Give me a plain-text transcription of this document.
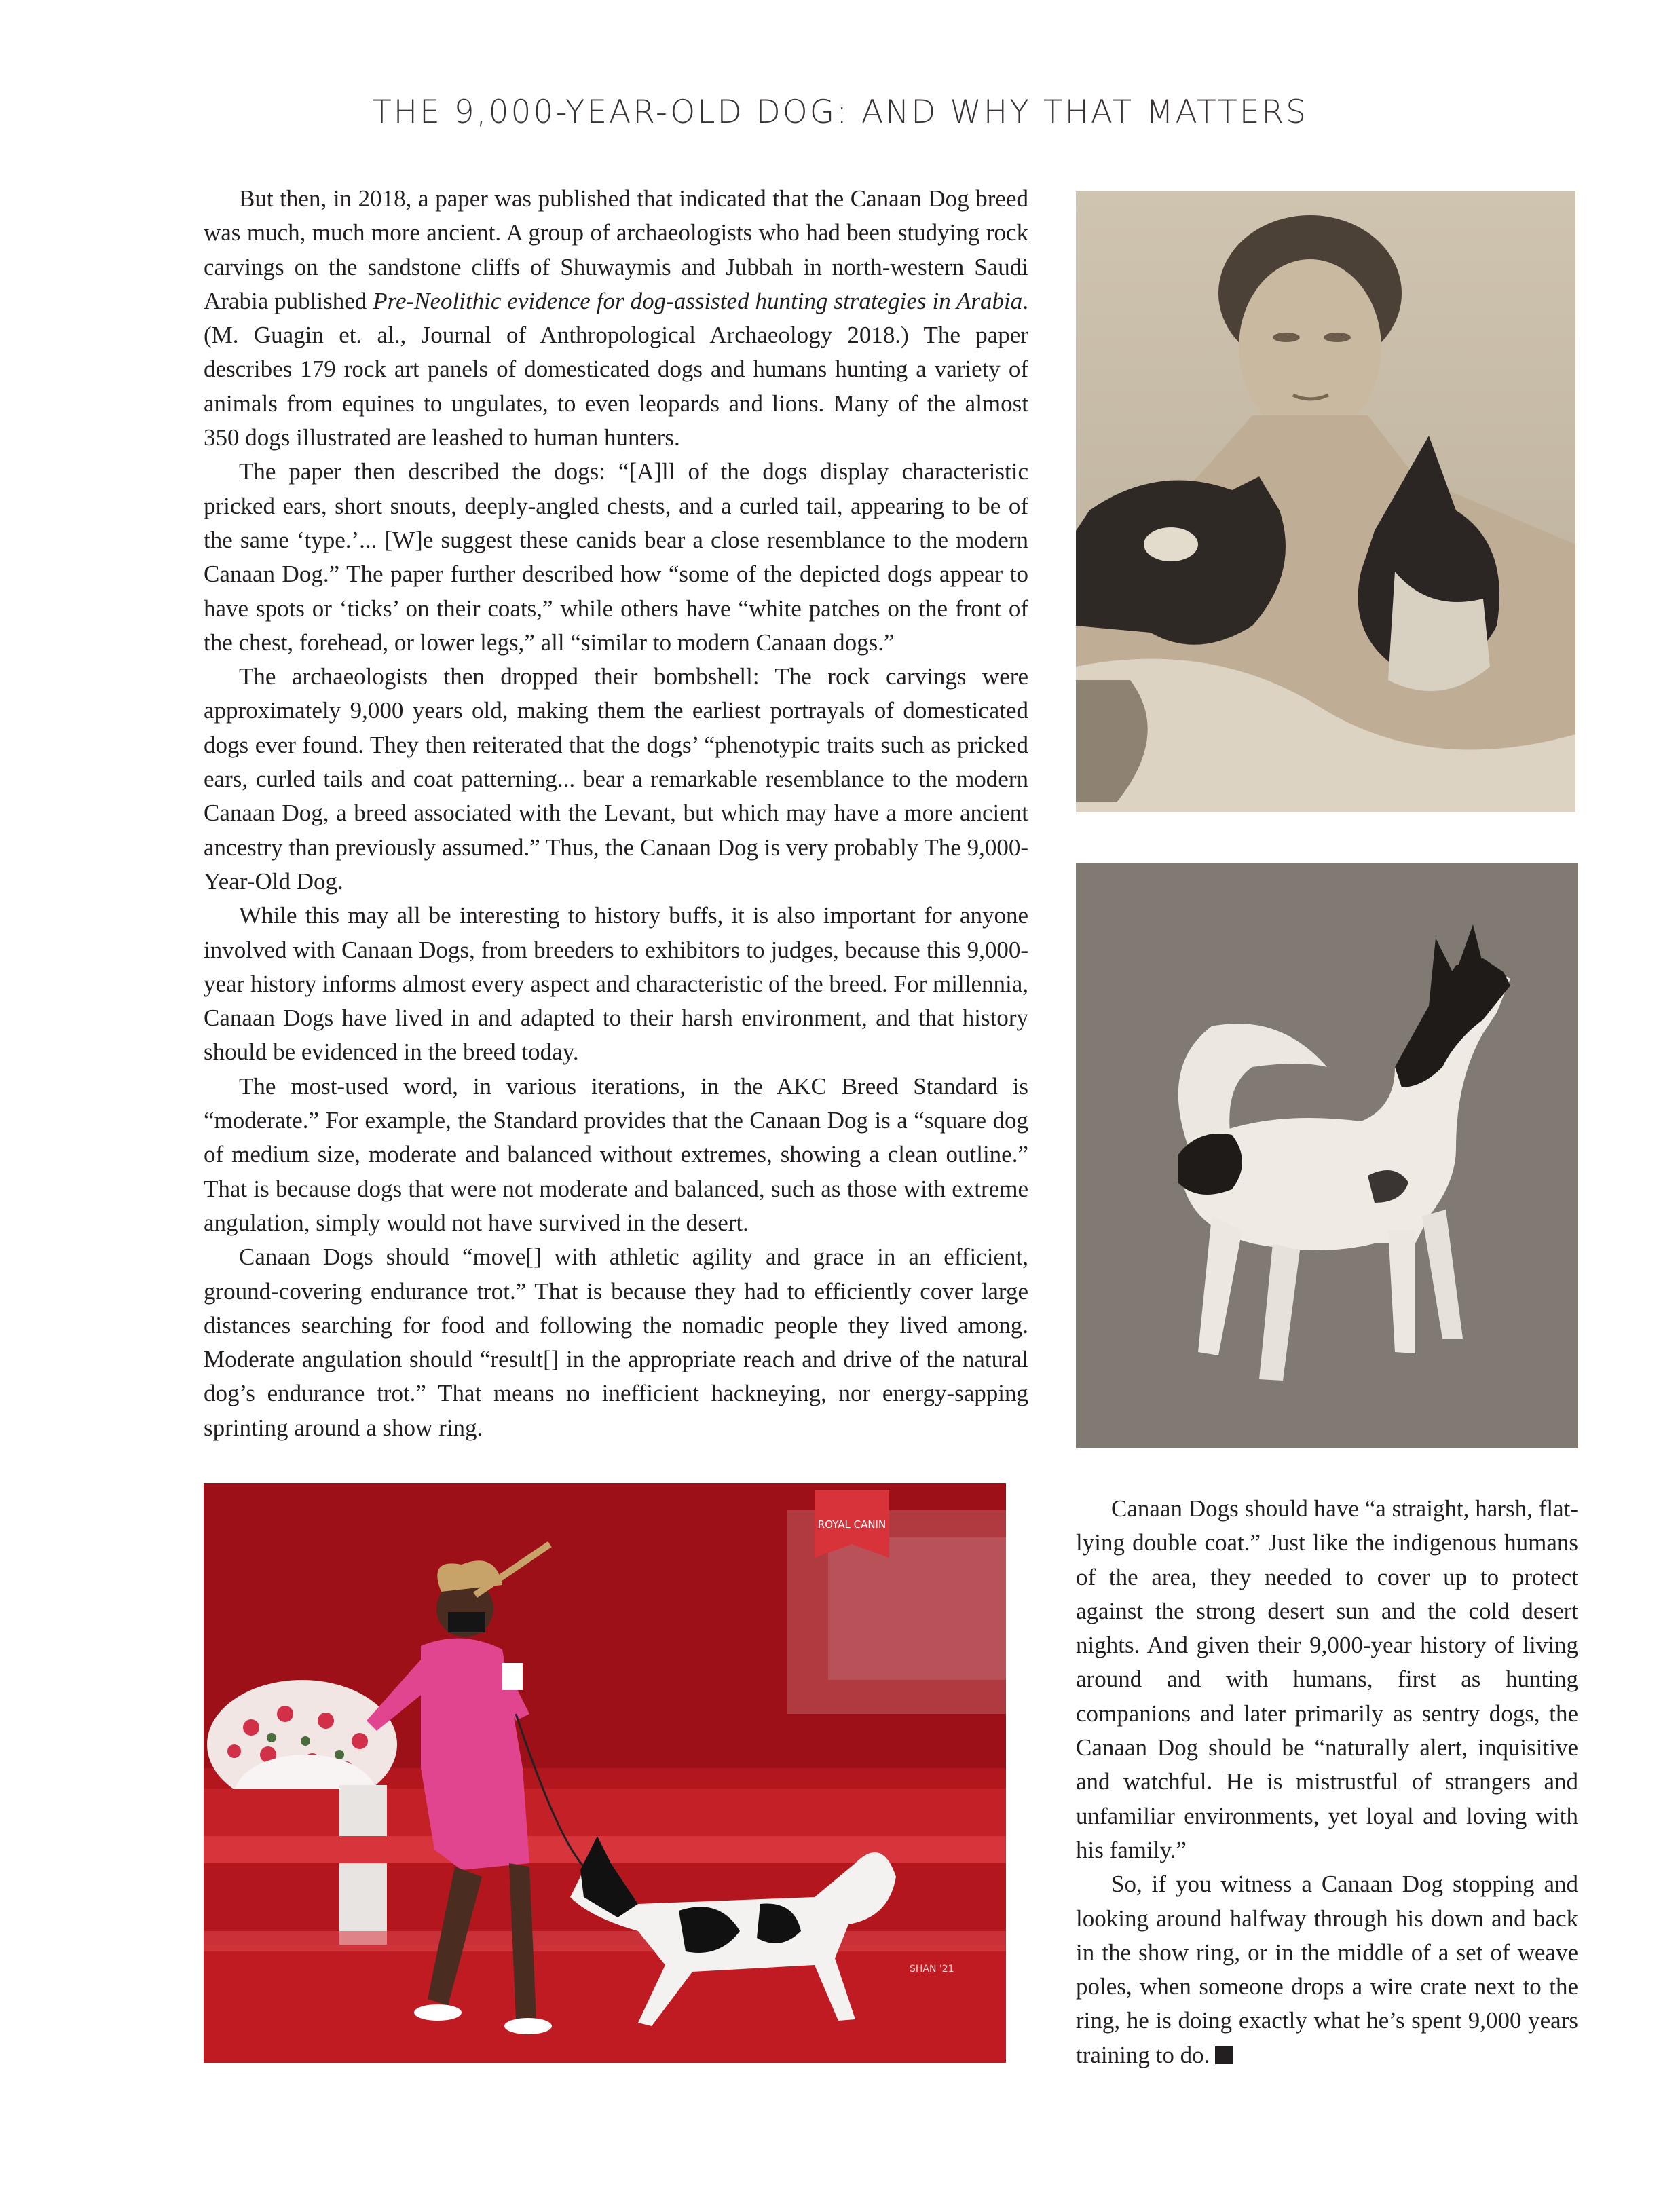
THE 9,000-YEAR-OLD DOG: AND WHY THAT MATTERS

But then, in 2018, a paper was published that indicated that the Canaan Dog breed was much, much more ancient. A group of archaeologists who had been studying rock carvings on the sandstone cliffs of Shuwaymis and Jubbah in north-western Saudi Arabia published Pre-Neolithic evidence for dog-assisted hunting strategies in Arabia. (M. Guagin et. al., Journal of Anthropological Archaeology 2018.) The paper describes 179 rock art panels of domesticated dogs and humans hunting a variety of animals from equines to ungulates, to even leopards and lions. Many of the almost 350 dogs illustrated are leashed to human hunters.

The paper then described the dogs: “[A]ll of the dogs display characteristic pricked ears, short snouts, deeply-angled chests, and a curled tail, appearing to be of the same ‘type.’... [W]e suggest these canids bear a close resemblance to the modern Canaan Dog.” The paper further described how “some of the depicted dogs appear to have spots or ‘ticks’ on their coats,” while others have “white patches on the front of the chest, forehead, or lower legs,” all “similar to modern Canaan dogs.”

The archaeologists then dropped their bombshell: The rock carvings were approximately 9,000 years old, making them the earliest portrayals of domesticated dogs ever found. They then reiterated that the dogs’ “phenotypic traits such as pricked ears, curled tails and coat patterning... bear a remarkable resemblance to the modern Canaan Dog, a breed associated with the Levant, but which may have a more ancient ancestry than previously assumed.” Thus, the Canaan Dog is very probably The 9,000-Year-Old Dog.

While this may all be interesting to history buffs, it is also important for anyone involved with Canaan Dogs, from breeders to exhibitors to judges, because this 9,000-year history informs almost every aspect and characteristic of the breed. For millennia, Canaan Dogs have lived in and adapted to their harsh environment, and that history should be evidenced in the breed today.

The most-used word, in various iterations, in the AKC Breed Standard is “moderate.” For example, the Standard provides that the Canaan Dog is a “square dog of medium size, moderate and balanced without extremes, showing a clean outline.” That is because dogs that were not moderate and balanced, such as those with extreme angulation, simply would not have survived in the desert.

Canaan Dogs should “move[] with athletic agility and grace in an efficient, ground-covering endurance trot.” That is because they had to efficiently cover large distances searching for food and following the nomadic people they lived among. Moderate angulation should “result[] in the appropriate reach and drive of the natural dog’s endurance trot.” That means no inefficient hackneying, nor energy-sapping sprinting around a show ring.

ROYAL CANIN
SHAN '21

Canaan Dogs should have “a straight, harsh, flat-lying double coat.” Just like the indigenous humans of the area, they needed to cover up to protect against the strong desert sun and the cold desert nights. And given their 9,000-year history of living around and with humans, first as hunting companions and later primarily as sentry dogs, the Canaan Dog should be “naturally alert, inquisitive and watchful. He is mistrustful of strangers and unfamiliar environments, yet loyal and loving with his family.”

So, if you witness a Canaan Dog stopping and looking around halfway through his down and back in the show ring, or in the middle of a set of weave poles, when someone drops a wire crate next to the ring, he is doing exactly what he’s spent 9,000 years training to do.
